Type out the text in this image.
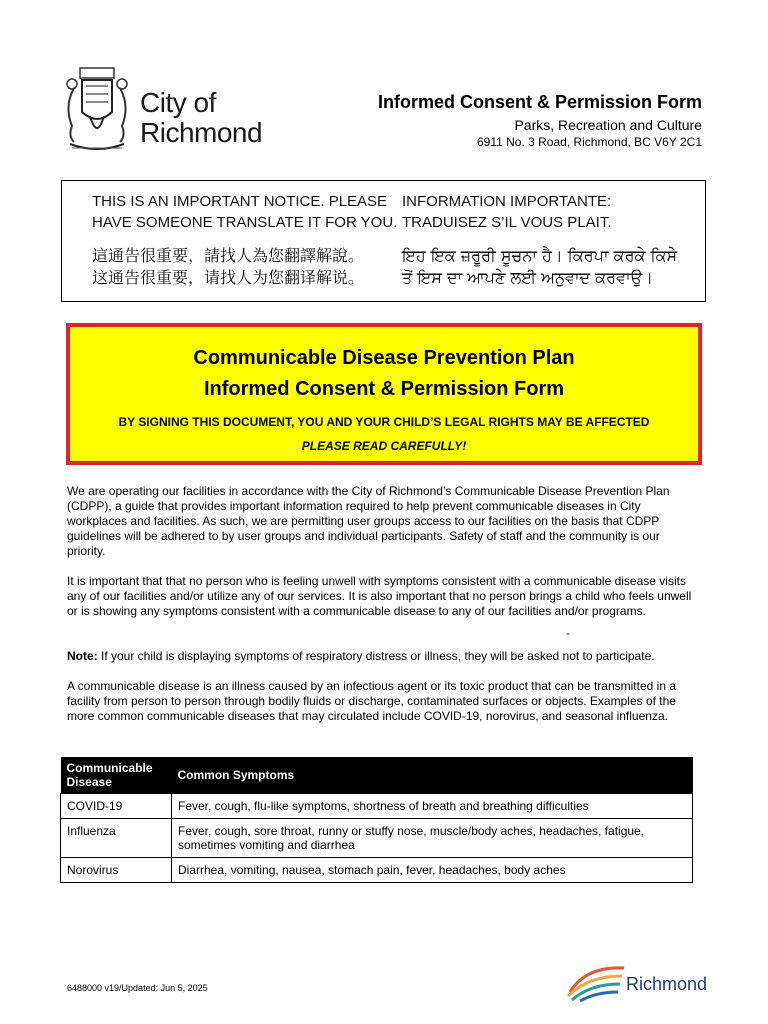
City of
Richmond
Informed Consent & Permission Form
Parks, Recreation and Culture
6911 No. 3 Road, Richmond, BC V6Y 2C1
THIS IS AN IMPORTANT NOTICE. PLEASE
HAVE SOMEONE TRANSLATE IT FOR YOU.
這通告很重要，請找人為您翻譯解說。
这通告很重要，请找人为您翻译解说。
INFORMATION IMPORTANTE:
TRADUISEZ S’IL VOUS PLAIT.
ਇਹ ਇਕ ਜ਼ਰੂਰੀ ਸੂਚਨਾ ਹੈ। ਕਿਰਪਾ ਕਰਕੇ ਕਿਸੇ
ਤੋਂ ਇਸ ਦਾ ਆਪਣੇ ਲਈ ਅਨੁਵਾਦ ਕਰਵਾਉ।
Communicable Disease Prevention Plan
Informed Consent & Permission Form
BY SIGNING THIS DOCUMENT, YOU AND YOUR CHILD’S LEGAL RIGHTS MAY BE AFFECTED
PLEASE READ CAREFULLY!
We are operating our facilities in accordance with the City of Richmond’s Communicable Disease Prevention Plan (CDPP), a guide that provides important information required to help prevent communicable diseases in City workplaces and facilities. As such, we are permitting user groups access to our facilities on the basis that CDPP guidelines will be adhered to by user groups and individual participants. Safety of staff and the community is our priority.
It is important that that no person who is feeling unwell with symptoms consistent with a communicable disease visits any of our facilities and/or utilize any of our services. It is also important that no person brings a child who feels unwell or is showing any symptoms consistent with a communicable disease to any of our facilities and/or programs.
-
Note: If your child is displaying symptoms of respiratory distress or illness, they will be asked not to participate.
A communicable disease is an illness caused by an infectious agent or its toxic product that can be transmitted in a facility from person to person through bodily fluids or discharge, contaminated surfaces or objects. Examples of the more common communicable diseases that may circulated include COVID-19, norovirus, and seasonal influenza.
Communicable Disease	Common Symptoms
COVID-19	Fever, cough, flu-like symptoms, shortness of breath and breathing difficulties
Influenza	Fever, cough, sore throat, runny or stuffy nose, muscle/body aches, headaches, fatigue, sometimes vomiting and diarrhea
Norovirus	Diarrhea, vomiting, nausea, stomach pain, fever, headaches, body aches
6488000 v19/Updated: Jun 5, 2025	Richmond
